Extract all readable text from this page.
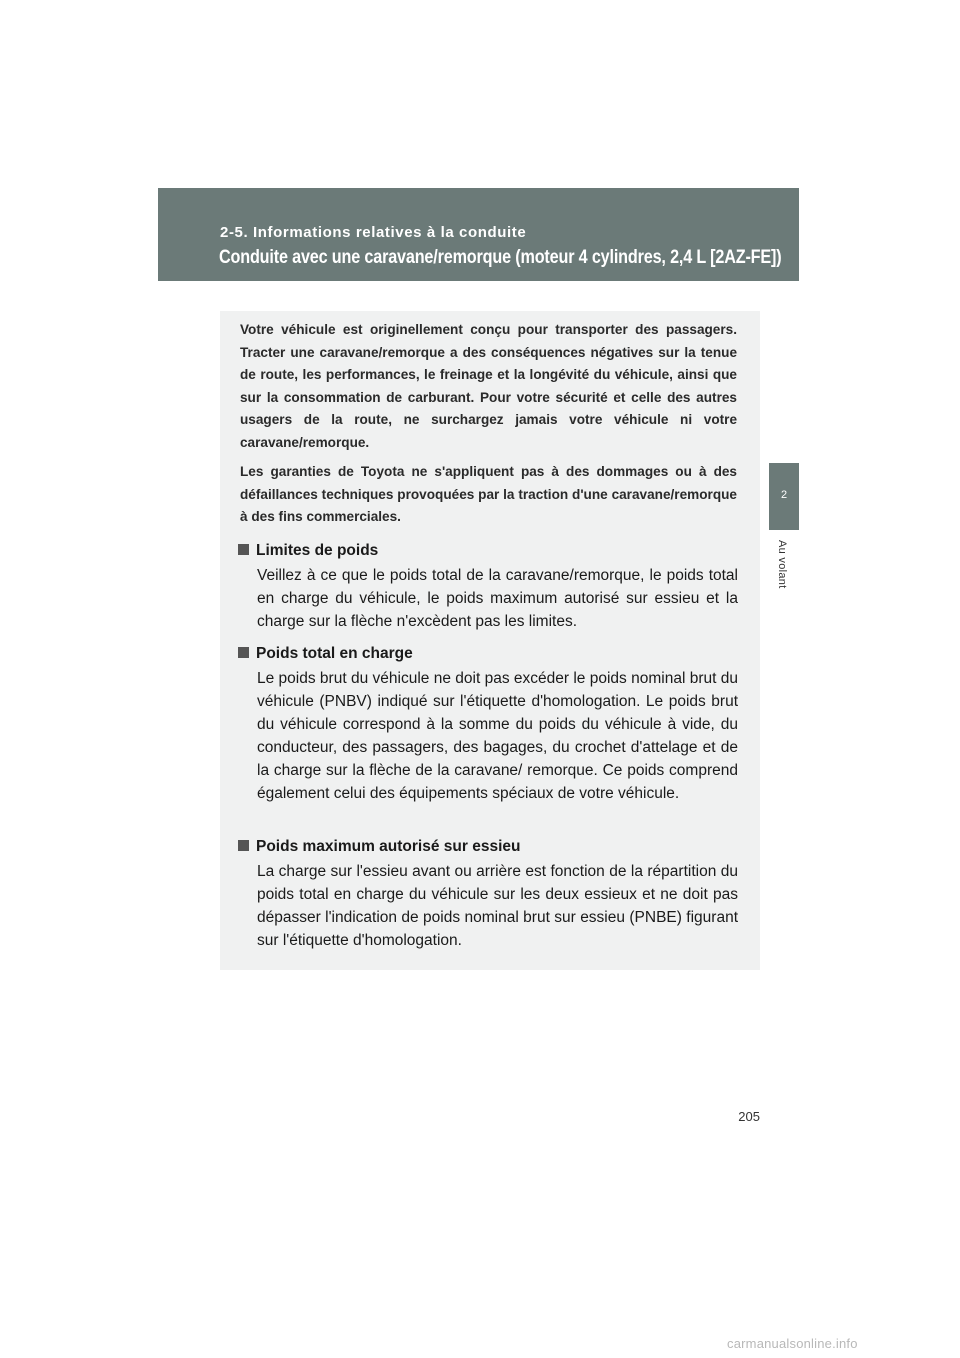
2-5. Informations relatives à la conduite
Conduite avec une caravane/remorque (moteur 4 cylindres, 2,4 L [2AZ-FE])
2
Au volant

Votre véhicule est originellement conçu pour transporter des passagers. Tracter une caravane/remorque a des conséquences négatives sur la tenue de route, les performances, le freinage et la longévité du véhicule, ainsi que sur la consommation de carburant. Pour votre sécurité et celle des autres usagers de la route, ne surchargez jamais votre véhicule ni votre caravane/remorque.

Les garanties de Toyota ne s'appliquent pas à des dommages ou à des défaillances techniques provoquées par la traction d'une caravane/remorque à des fins commerciales.

Limites de poids
Veillez à ce que le poids total de la caravane/remorque, le poids total en charge du véhicule, le poids maximum autorisé sur essieu et la charge sur la flèche n'excèdent pas les limites.
Poids total en charge
Le poids brut du véhicule ne doit pas excéder le poids nominal brut du véhicule (PNBV) indiqué sur l'étiquette d'homologation. Le poids brut du véhicule correspond à la somme du poids du véhicule à vide, du conducteur, des passagers, des bagages, du crochet d'attelage et de la charge sur la flèche de la caravane/ remorque. Ce poids comprend également celui des équipements spéciaux de votre véhicule.
Poids maximum autorisé sur essieu
La charge sur l'essieu avant ou arrière est fonction de la répartition du poids total en charge du véhicule sur les deux essieux et ne doit pas dépasser l'indication de poids nominal brut sur essieu (PNBE) figurant sur l'étiquette d'homologation.
205
carmanualsonline.info
